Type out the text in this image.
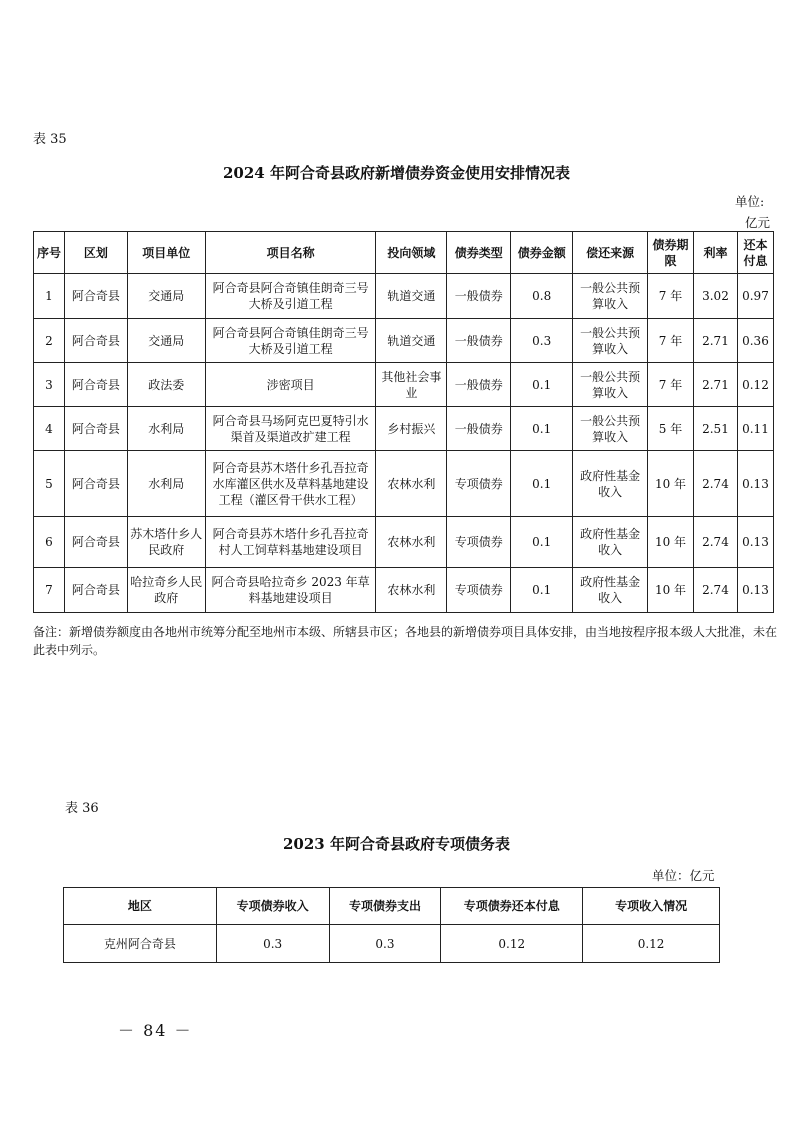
表 35
2024 年阿合奇县政府新增债券资金使用安排情况表
单位:
亿元
序号	区划	项目单位	项目名称	投向领域	债券类型	债券金额	偿还来源	债券期限	利率	还本付息
1	阿合奇县	交通局	阿合奇县阿合奇镇佳朗奇三号大桥及引道工程	轨道交通	一般债券	0.8	一般公共预算收入	7 年	3.02	0.97
2	阿合奇县	交通局	阿合奇县阿合奇镇佳朗奇三号大桥及引道工程	轨道交通	一般债券	0.3	一般公共预算收入	7 年	2.71	0.36
3	阿合奇县	政法委	涉密项目	其他社会事业	一般债券	0.1	一般公共预算收入	7 年	2.71	0.12
4	阿合奇县	水利局	阿合奇县马场阿克巴夏特引水渠首及渠道改扩建工程	乡村振兴	一般债券	0.1	一般公共预算收入	5 年	2.51	0.11
5	阿合奇县	水利局	阿合奇县苏木塔什乡孔吾拉奇水库灌区供水及草料基地建设工程（灌区骨干供水工程）	农林水利	专项债券	0.1	政府性基金收入	10 年	2.74	0.13
6	阿合奇县	苏木塔什乡人民政府	阿合奇县苏木塔什乡孔吾拉奇村人工饲草料基地建设项目	农林水利	专项债券	0.1	政府性基金收入	10 年	2.74	0.13
7	阿合奇县	哈拉奇乡人民政府	阿合奇县哈拉奇乡 2023 年草料基地建设项目	农林水利	专项债券	0.1	政府性基金收入	10 年	2.74	0.13
备注：新增债券额度由各地州市统筹分配至地州市本级、所辖县市区；各地县的新增债券项目具体安排，由当地按程序报本级人大批准，未在此表中列示。
表 36
2023 年阿合奇县政府专项债务表
单位：亿元
地区	专项债券收入	专项债券支出	专项债券还本付息	专项收入情况
克州阿合奇县	0.3	0.3	0.12	0.12
－ 84 －
